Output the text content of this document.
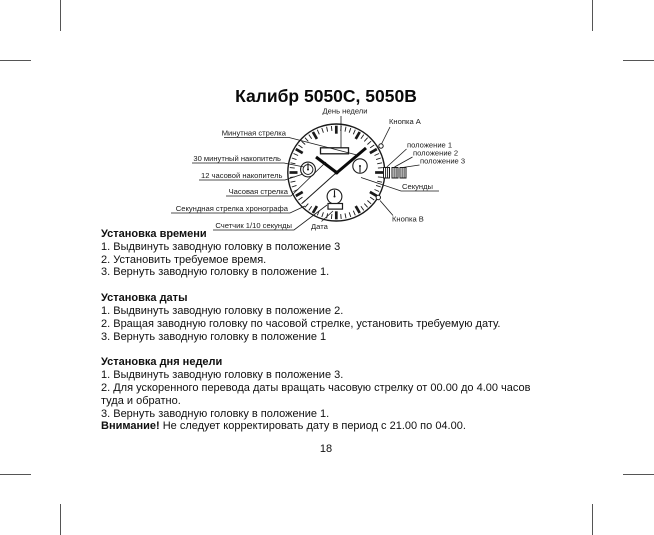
Калибр 5050C, 5050B
День недели
Кнопка A
Минутная стрелка
30 минутный накопитель
12 часовой накопитель
положение 1
положение 2
положение 3
Часовая стрелка
Секунды
Секундная стрелка хронографа
Счетчик 1/10 секунды	Дата
Кнопка B
Установка времени
1. Выдвинуть заводную головку в положение 3
2. Установить требуемое время.
3. Вернуть заводную головку в положение 1.
Установка даты
1. Выдвинуть заводную головку в положение 2.
2. Вращая заводную головку по часовой стрелке, установить требуемую дату.
3. Вернуть заводную головку в положение 1
Установка дня недели
1. Выдвинуть заводную головку в положение 3.
2. Для ускоренного перевода даты вращать часовую стрелку от 00.00 до 4.00 часов
туда и обратно.
3. Вернуть заводную головку в положение 1.
Внимание! Не следует корректировать дату в период с 21.00 по 04.00.
18
